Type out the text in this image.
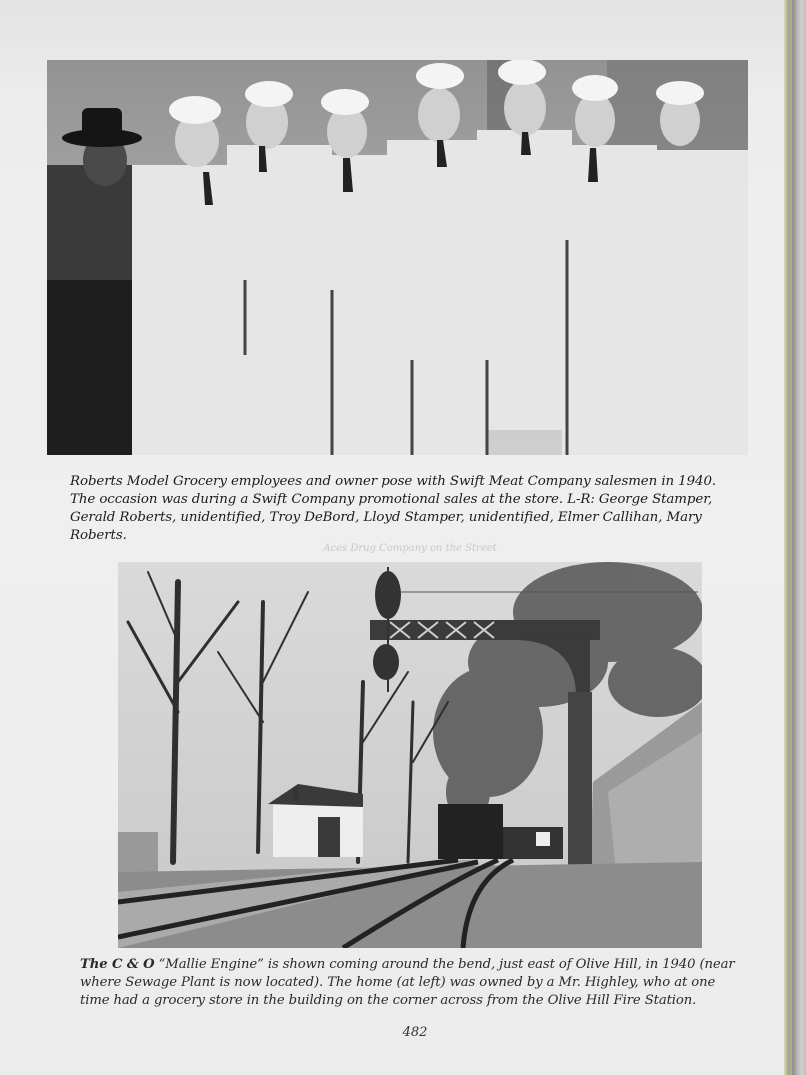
Roberts Model Grocery employees and owner pose with Swift Meat Company salesmen in 1940. The occasion was during a Swift Company promotional sales at the store. L-R: George Stamper, Gerald Roberts, unidentified, Troy DeBord, Lloyd Stamper, unidentified, Elmer Callihan, Mary Roberts.
Aces Drug Company on the Street
The C & O “Mallie Engine” is shown coming around the bend, just east of Olive Hill, in 1940 (near where Sewage Plant is now located). The home (at left) was owned by a Mr. Highley, who at one time had a grocery store in the building on the corner across from the Olive Hill Fire Station.
482
